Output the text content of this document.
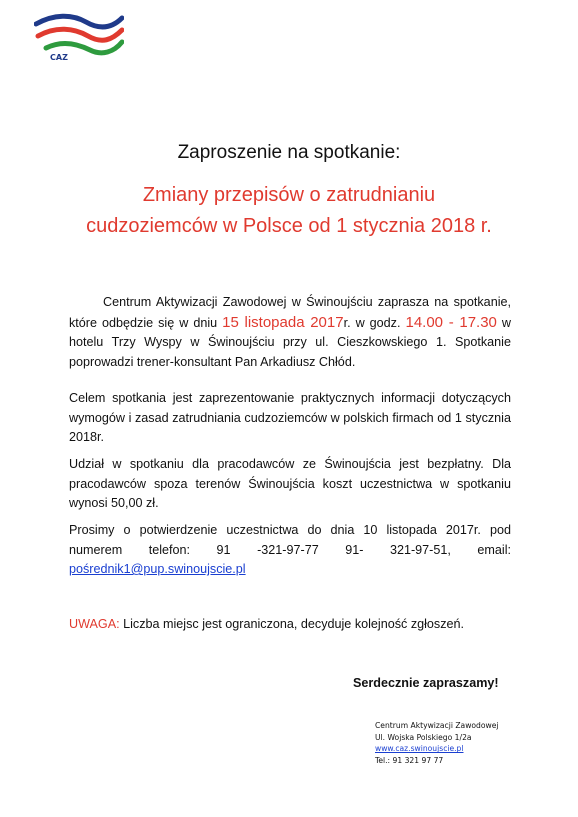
CAZ
Zaproszenie na spotkanie:
Zmiany przepisów o zatrudnianiu
cudzoziemców w Polsce od 1 stycznia 2018 r.
Centrum Aktywizacji Zawodowej w Świnoujściu zaprasza na spotkanie, które odbędzie się w dniu 15 listopada 2017r. w godz. 14.00 - 17.30 w hotelu Trzy Wyspy w Świnoujściu przy ul. Cieszkowskiego 1. Spotkanie poprowadzi trener-konsultant Pan Arkadiusz Chłód.
Celem spotkania jest zaprezentowanie praktycznych informacji dotyczących wymogów i zasad zatrudniania cudzoziemców w polskich firmach od 1 stycznia 2018r.
Udział w spotkaniu dla pracodawców ze Świnoujścia jest bezpłatny. Dla pracodawców spoza terenów Świnoujścia koszt uczestnictwa w spotkaniu wynosi 50,00 zł.
Prosimy o potwierdzenie uczestnictwa do dnia 10 listopada 2017r. pod numerem telefon: 91 -321-97-77 91- 321-97-51, email: pośrednik1@pup.swinoujscie.pl
UWAGA: Liczba miejsc jest ograniczona, decyduje kolejność zgłoszeń.
Serdecznie zapraszamy!
Centrum Aktywizacji Zawodowej
Ul. Wojska Polskiego 1/2a
www.caz.swinoujscie.pl
Tel.: 91 321 97 77
